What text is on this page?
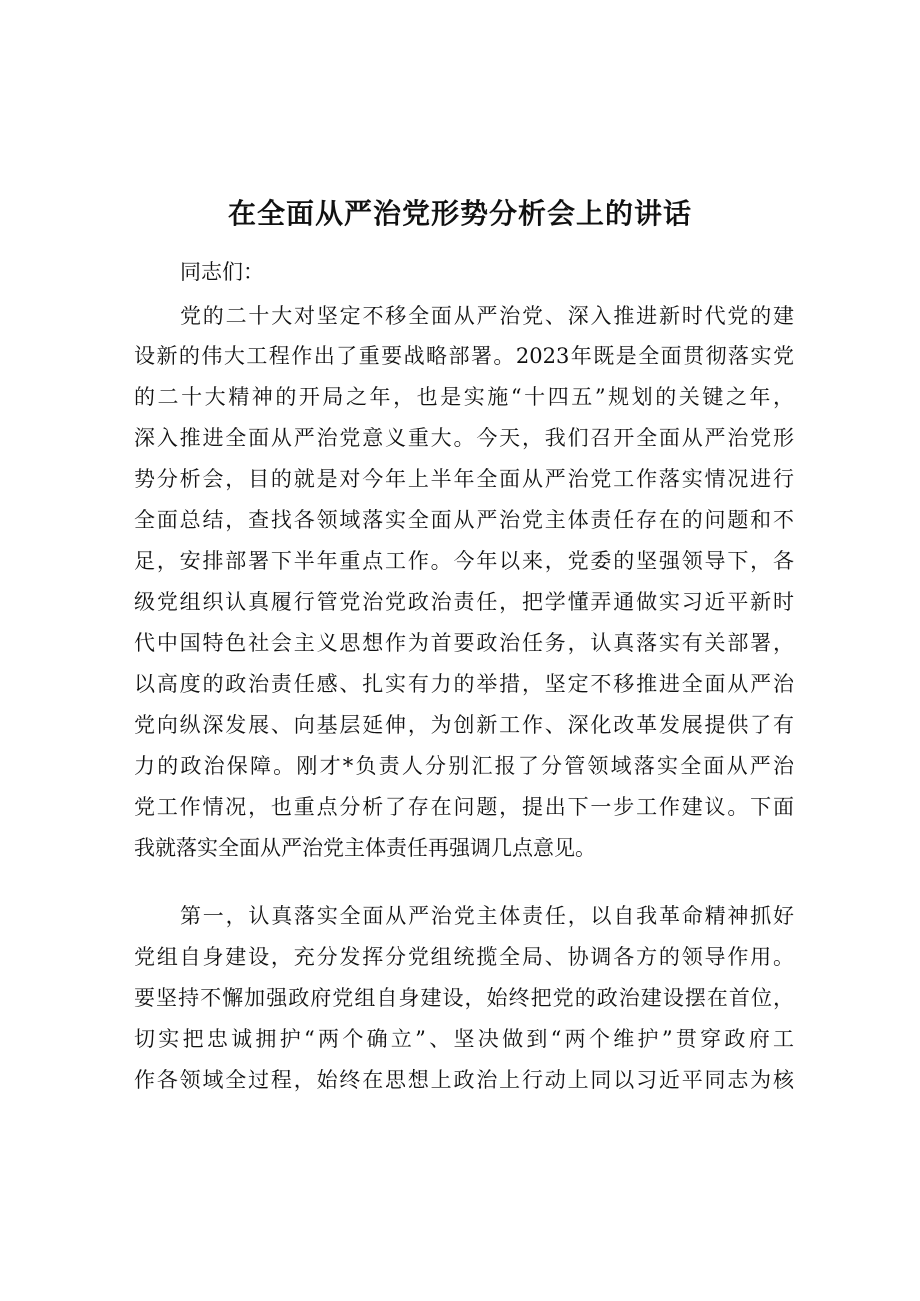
在全面从严治党形势分析会上的讲话

同志们：

党的二十大对坚定不移全面从严治党、深入推进新时代党的建

设新的伟大工程作出了重要战略部署。2023年既是全面贯彻落实党

的二十大精神的开局之年，也是实施“十四五”规划的关键之年，

深入推进全面从严治党意义重大。今天，我们召开全面从严治党形

势分析会，目的就是对今年上半年全面从严治党工作落实情况进行

全面总结，查找各领域落实全面从严治党主体责任存在的问题和不

足，安排部署下半年重点工作。今年以来，党委的坚强领导下，各

级党组织认真履行管党治党政治责任，把学懂弄通做实习近平新时

代中国特色社会主义思想作为首要政治任务，认真落实有关部署，

以高度的政治责任感、扎实有力的举措，坚定不移推进全面从严治

党向纵深发展、向基层延伸，为创新工作、深化改革发展提供了有

力的政治保障。刚才*负责人分别汇报了分管领域落实全面从严治

党工作情况，也重点分析了存在问题，提出下一步工作建议。下面

我就落实全面从严治党主体责任再强调几点意见。

第一，认真落实全面从严治党主体责任，以自我革命精神抓好

党组自身建设，充分发挥分党组统揽全局、协调各方的领导作用。

要坚持不懈加强政府党组自身建设，始终把党的政治建设摆在首位，

切实把忠诚拥护“两个确立”、坚决做到“两个维护”贯穿政府工

作各领域全过程，始终在思想上政治上行动上同以习近平同志为核
